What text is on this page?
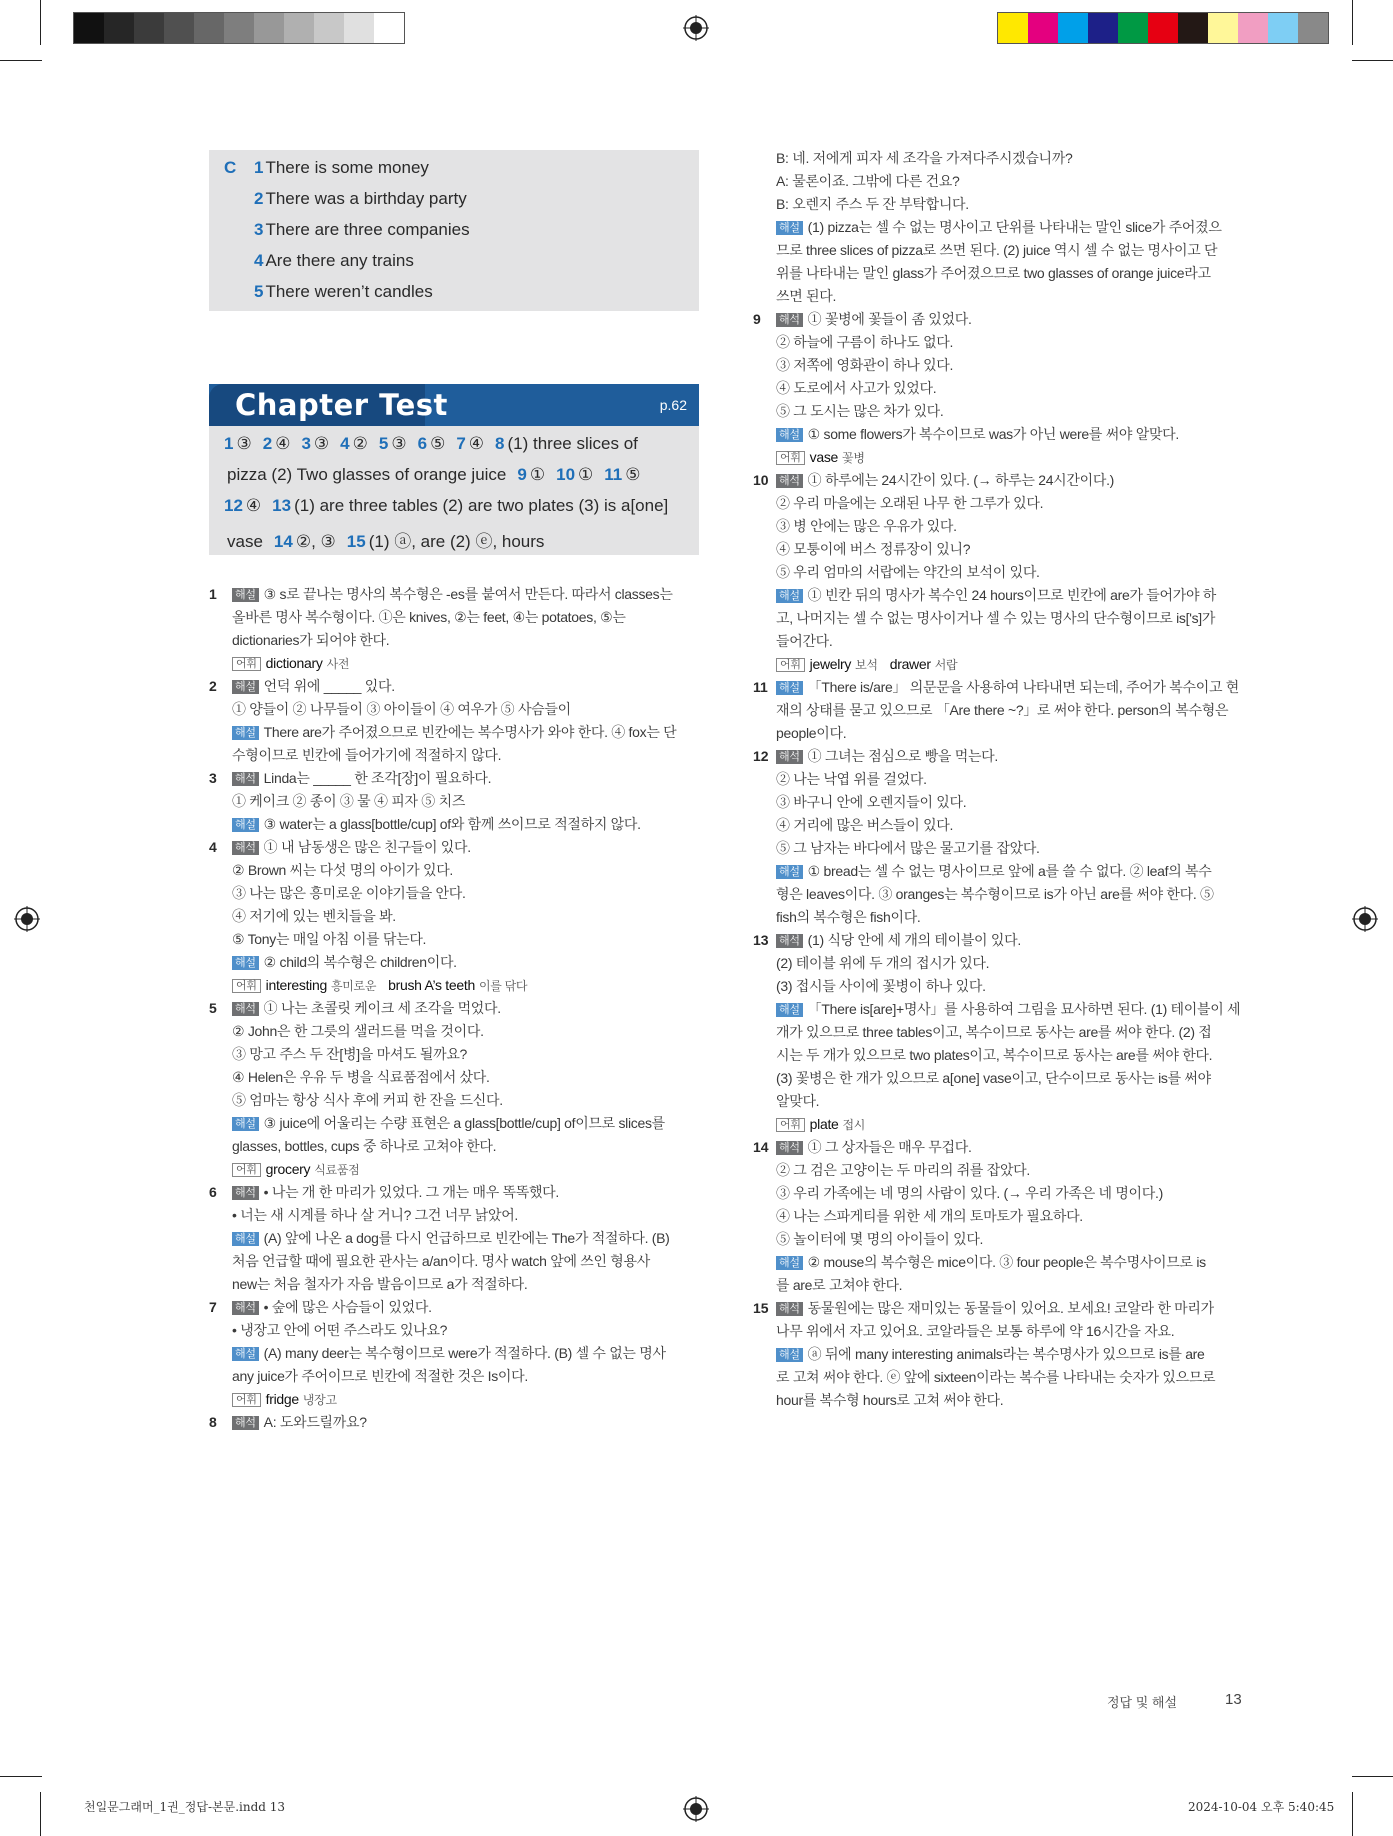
C 1 There is some money
2 There was a birthday party
3 There are three companies
4 Are there any trains
5 There weren’t candles
Chapter Test	p.62
1 ③ 2 ④ 3 ③ 4 ② 5 ③ 6 ⑤ 7 ④ 8 (1) three slices of
pizza (2) Two glasses of orange juice 9 ① 10 ① 11 ⑤
12 ④ 13 (1) are three tables (2) are two plates (3) is a[one]
vase 14 ②, ③ 15 (1) ⓐ, are (2) ⓔ, hours
1 해설 ③ s로 끝나는 명사의 복수형은 -es를 붙여서 만든다. 따라서 classes는
올바른 명사 복수형이다. ①은 knives, ②는 feet, ④는 potatoes, ⑤는
dictionaries가 되어야 한다.
어휘 dictionary 사전
2 해설 언덕 위에 _____ 있다.
① 양들이 ② 나무들이 ③ 아이들이 ④ 여우가 ⑤ 사슴들이
해설 There are가 주어졌으므로 빈칸에는 복수명사가 와야 한다. ④ fox는 단
수형이므로 빈칸에 들어가기에 적절하지 않다.
3 해석 Linda는 _____ 한 조각[장]이 필요하다.
① 케이크 ② 종이 ③ 물 ④ 피자 ⑤ 치즈
해설 ③ water는 a glass[bottle/cup] of와 함께 쓰이므로 적절하지 않다.
4 해석 ① 내 남동생은 많은 친구들이 있다.
② Brown 씨는 다섯 명의 아이가 있다.
③ 나는 많은 흥미로운 이야기들을 안다.
④ 저기에 있는 벤치들을 봐.
⑤ Tony는 매일 아침 이를 닦는다.
해설 ② child의 복수형은 children이다.
어휘 interesting 흥미로운 brush A’s teeth 이를 닦다
5 해석 ① 나는 초콜릿 케이크 세 조각을 먹었다.
② John은 한 그릇의 샐러드를 먹을 것이다.
③ 망고 주스 두 잔[병]을 마셔도 될까요?
④ Helen은 우유 두 병을 식료품점에서 샀다.
⑤ 엄마는 항상 식사 후에 커피 한 잔을 드신다.
해설 ③ juice에 어울리는 수량 표현은 a glass[bottle/cup] of이므로 slices를
glasses, bottles, cups 중 하나로 고쳐야 한다.
어휘 grocery 식료품점
6 해석 • 나는 개 한 마리가 있었다. 그 개는 매우 똑똑했다.
• 너는 새 시계를 하나 살 거니? 그건 너무 낡았어.
해설 (A) 앞에 나온 a dog를 다시 언급하므로 빈칸에는 The가 적절하다. (B)
처음 언급할 때에 필요한 관사는 a/an이다. 명사 watch 앞에 쓰인 형용사
new는 처음 철자가 자음 발음이므로 a가 적절하다.
7 해석 • 숲에 많은 사슴들이 있었다.
• 냉장고 안에 어떤 주스라도 있나요?
해설 (A) many deer는 복수형이므로 were가 적절하다. (B) 셀 수 없는 명사
any juice가 주어이므로 빈칸에 적절한 것은 Is이다.
어휘 fridge 냉장고
8 해석 A: 도와드릴까요?
B: 네. 저에게 피자 세 조각을 가져다주시겠습니까?
A: 물론이죠. 그밖에 다른 건요?
B: 오렌지 주스 두 잔 부탁합니다.
해설 (1) pizza는 셀 수 없는 명사이고 단위를 나타내는 말인 slice가 주어졌으
므로 three slices of pizza로 쓰면 된다. (2) juice 역시 셀 수 없는 명사이고 단
위를 나타내는 말인 glass가 주어졌으므로 two glasses of orange juice라고
쓰면 된다.
9 해석 ① 꽃병에 꽃들이 좀 있었다.
② 하늘에 구름이 하나도 없다.
③ 저쪽에 영화관이 하나 있다.
④ 도로에서 사고가 있었다.
⑤ 그 도시는 많은 차가 있다.
해설 ① some flowers가 복수이므로 was가 아닌 were를 써야 알맞다.
어휘 vase 꽃병
10 해석 ① 하루에는 24시간이 있다. (→ 하루는 24시간이다.)
② 우리 마을에는 오래된 나무 한 그루가 있다.
③ 병 안에는 많은 우유가 있다.
④ 모퉁이에 버스 정류장이 있니?
⑤ 우리 엄마의 서랍에는 약간의 보석이 있다.
해설 ① 빈칸 뒤의 명사가 복수인 24 hours이므로 빈칸에 are가 들어가야 하
고, 나머지는 셀 수 없는 명사이거나 셀 수 있는 명사의 단수형이므로 is['s]가
들어간다.
어휘 jewelry 보석 drawer 서랍
11 해설 「There is/are」 의문문을 사용하여 나타내면 되는데, 주어가 복수이고 현
재의 상태를 묻고 있으므로 「Are there ~?」로 써야 한다. person의 복수형은
people이다.
12 해석 ① 그녀는 점심으로 빵을 먹는다.
② 나는 낙엽 위를 걸었다.
③ 바구니 안에 오렌지들이 있다.
④ 거리에 많은 버스들이 있다.
⑤ 그 남자는 바다에서 많은 물고기를 잡았다.
해설 ① bread는 셀 수 없는 명사이므로 앞에 a를 쓸 수 없다. ② leaf의 복수
형은 leaves이다. ③ oranges는 복수형이므로 is가 아닌 are를 써야 한다. ⑤
fish의 복수형은 fish이다.
13 해석 (1) 식당 안에 세 개의 테이블이 있다.
(2) 테이블 위에 두 개의 접시가 있다.
(3) 접시들 사이에 꽃병이 하나 있다.
해설 「There is[are]+명사」를 사용하여 그림을 묘사하면 된다. (1) 테이블이 세
개가 있으므로 three tables이고, 복수이므로 동사는 are를 써야 한다. (2) 접
시는 두 개가 있으므로 two plates이고, 복수이므로 동사는 are를 써야 한다.
(3) 꽃병은 한 개가 있으므로 a[one] vase이고, 단수이므로 동사는 is를 써야
알맞다.
어휘 plate 접시
14 해석 ① 그 상자들은 매우 무겁다.
② 그 검은 고양이는 두 마리의 쥐를 잡았다.
③ 우리 가족에는 네 명의 사람이 있다. (→ 우리 가족은 네 명이다.)
④ 나는 스파게티를 위한 세 개의 토마토가 필요하다.
⑤ 놀이터에 몇 명의 아이들이 있다.
해설 ② mouse의 복수형은 mice이다. ③ four people은 복수명사이므로 is
를 are로 고쳐야 한다.
15 해석 동물원에는 많은 재미있는 동물들이 있어요. 보세요! 코알라 한 마리가
나무 위에서 자고 있어요. 코알라들은 보통 하루에 약 16시간을 자요.
해설 ⓐ 뒤에 many interesting animals라는 복수명사가 있으므로 is를 are
로 고쳐 써야 한다. ⓔ 앞에 sixteen이라는 복수를 나타내는 숫자가 있으므로
hour를 복수형 hours로 고쳐 써야 한다.
정답 및 해설	13
천일문그래머_1권_정답-본문.indd 13	2024-10-04 오후 5:40:45
